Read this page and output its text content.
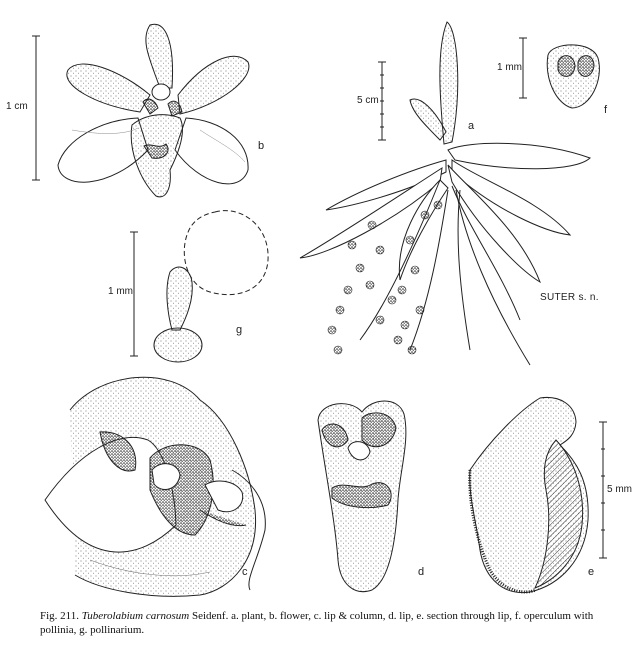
1 cm
5 cm
1 mm
1 mm
5 mm
a
b
c	d	e
f
g
SUTER s. n.
Fig. 211. Tuberolabium carnosum Seidenf. a. plant, b. flower, c. lip & column, d. lip, e. section through lip, f. operculum with pollinia, g. pollinarium.
